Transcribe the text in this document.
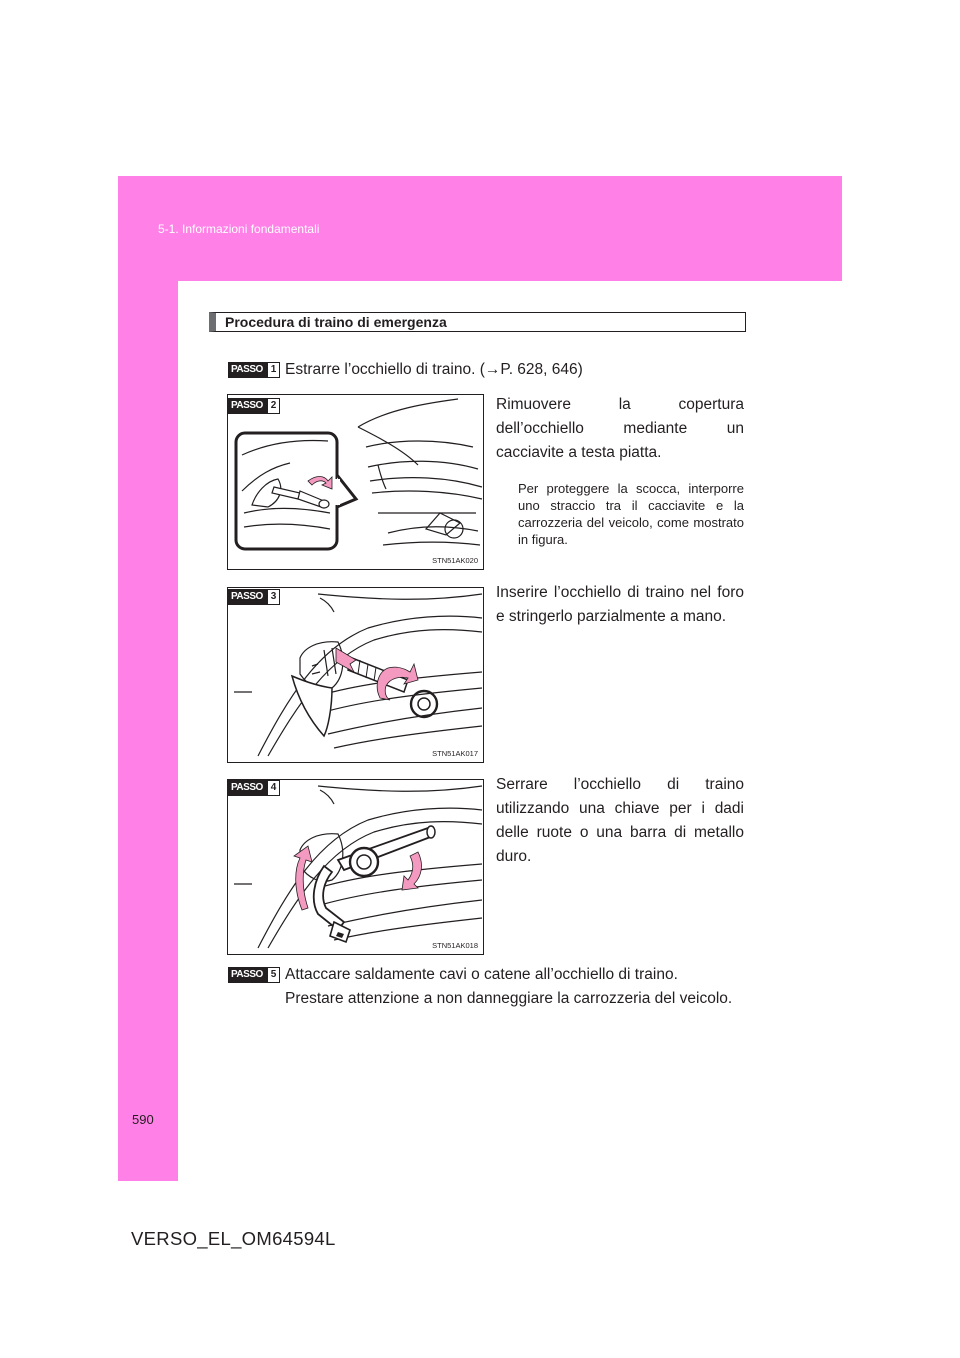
5-1. Informazioni fondamentali
Procedura di traino di emergenza
PASSO 1 Estrarre l’occhiello di traino. (→P. 628, 646)
STN51AK020
PASSO 2	Rimuovere la copertura dell’occhiello mediante un cacciavite a testa piatta.
Per proteggere la scocca, interporre uno straccio tra il cacciavite e la carrozzeria del veicolo, come mostrato in figura.
STN51AK017
PASSO 3	Inserire l’occhiello di traino nel foro e stringerlo parzialmente a mano.
STN51AK018
PASSO 4	Serrare l’occhiello di traino utilizzando una chiave per i dadi delle ruote o una barra di metallo duro.
PASSO 5 Attaccare saldamente cavi o catene all’occhiello di traino.
Prestare attenzione a non danneggiare la carrozzeria del veicolo.
590
VERSO_EL_OM64594L
